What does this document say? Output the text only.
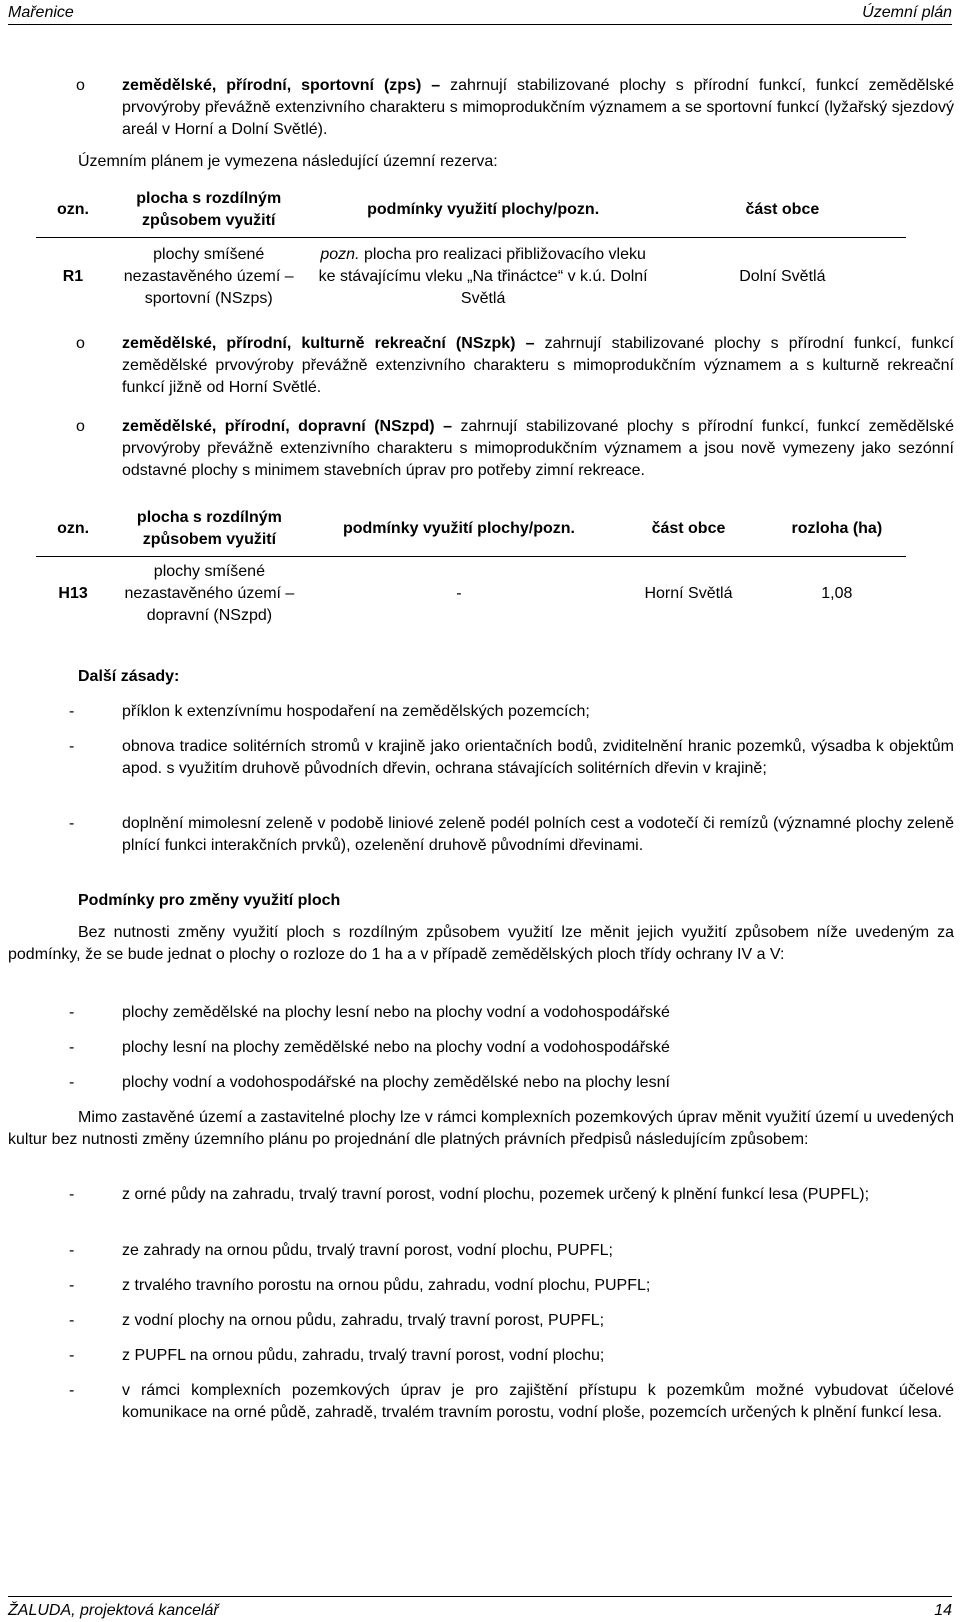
Mařenice	Územní plán
o zemědělské, přírodní, sportovní (zps) – zahrnují stabilizované plochy s přírodní funkcí, funkcí zemědělské prvovýroby převážně extenzivního charakteru s mimoprodukčním významem a se sportovní funkcí (lyžařský sjezdový areál v Horní a Dolní Světlé).
Územním plánem je vymezena následující územní rezerva:
ozn.	plocha s rozdílným způsobem využití	podmínky využití plochy/pozn.	část obce
R1	plochy smíšené nezastavěného území – sportovní (NSzps)	pozn. plocha pro realizaci přibližovacího vleku ke stávajícímu vleku „Na třináctce“ v k.ú. Dolní Světlá	Dolní Světlá
o zemědělské, přírodní, kulturně rekreační (NSzpk) – zahrnují stabilizované plochy s přírodní funkcí, funkcí zemědělské prvovýroby převážně extenzivního charakteru s mimoprodukčním významem a s kulturně rekreační funkcí jižně od Horní Světlé.
o zemědělské, přírodní, dopravní (NSzpd) – zahrnují stabilizované plochy s přírodní funkcí, funkcí zemědělské prvovýroby převážně extenzivního charakteru s mimoprodukčním významem a jsou nově vymezeny jako sezónní odstavné plochy s minimem stavebních úprav pro potřeby zimní rekreace.
ozn.	plocha s rozdílným způsobem využití	podmínky využití plochy/pozn.	část obce	rozloha (ha)
H13	plochy smíšené nezastavěného území – dopravní (NSzpd)	-	Horní Světlá	1,08
Další zásady:
-	příklon k extenzívnímu hospodaření na zemědělských pozemcích;
-	obnova tradice solitérních stromů v krajině jako orientačních bodů, zviditelnění hranic pozemků, výsadba k objektům apod. s využitím druhově původních dřevin, ochrana stávajících solitérních dřevin v krajině;
-	doplnění mimolesní zeleně v podobě liniové zeleně podél polních cest a vodotečí či remízů (významné plochy zeleně plnící funkci interakčních prvků), ozelenění druhově původními dřevinami.
Podmínky pro změny využití ploch
Bez nutnosti změny využití ploch s rozdílným způsobem využití lze měnit jejich využití způsobem níže uvedeným za podmínky, že se bude jednat o plochy o rozloze do 1 ha a v případě zemědělských ploch třídy ochrany IV a V:
-	plochy zemědělské na plochy lesní nebo na plochy vodní a vodohospodářské
-	plochy lesní na plochy zemědělské nebo na plochy vodní a vodohospodářské
-	plochy vodní a vodohospodářské na plochy zemědělské nebo na plochy lesní
Mimo zastavěné území a zastavitelné plochy lze v rámci komplexních pozemkových úprav měnit využití území u uvedených kultur bez nutnosti změny územního plánu po projednání dle platných právních předpisů následujícím způsobem:
-	z orné půdy na zahradu, trvalý travní porost, vodní plochu, pozemek určený k plnění funkcí lesa (PUPFL);
-	ze zahrady na ornou půdu, trvalý travní porost, vodní plochu, PUPFL;
-	z trvalého travního porostu na ornou půdu, zahradu, vodní plochu, PUPFL;
-	z vodní plochy na ornou půdu, zahradu, trvalý travní porost, PUPFL;
-	z PUPFL na ornou půdu, zahradu, trvalý travní porost, vodní plochu;
-	v rámci komplexních pozemkových úprav je pro zajištění přístupu k pozemkům možné vybudovat účelové komunikace na orné půdě, zahradě, trvalém travním porostu, vodní ploše, pozemcích určených k plnění funkcí lesa.
ŽALUDA, projektová kancelář	14
